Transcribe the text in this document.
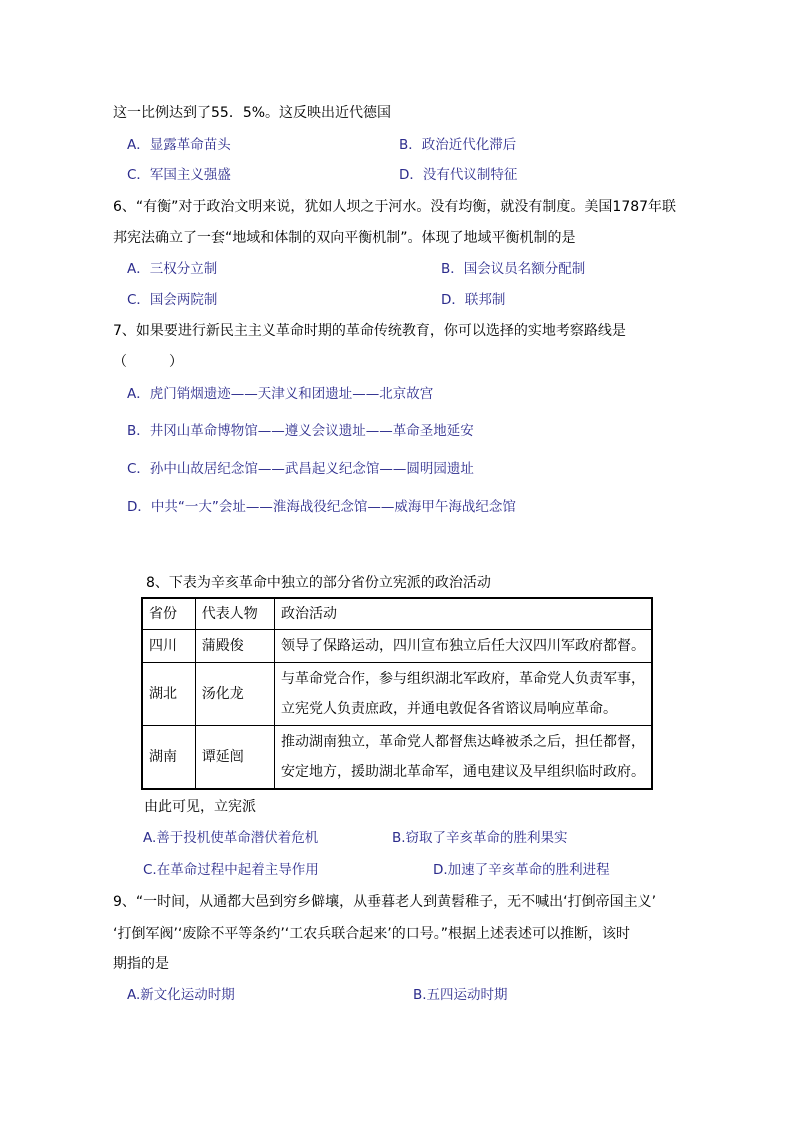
这一比例达到了55．5%。这反映出近代德国
A．显露革命苗头	B．政治近代化滞后
C．军国主义强盛	D．没有代议制特征
6、“有衡”对于政治文明来说，犹如人坝之于河水。没有均衡，就没有制度。美国1787年联
邦宪法确立了一套“地域和体制的双向平衡机制”。体现了地域平衡机制的是
A．三权分立制	B．国会议员名额分配制
C．国会两院制	D．联邦制
7、如果要进行新民主主义革命时期的革命传统教育，你可以选择的实地考察路线是
（　　　）
A．虎门销烟遗迹——天津义和团遗址——北京故宫
B．井冈山革命博物馆——遵义会议遗址——革命圣地延安
C．孙中山故居纪念馆——武昌起义纪念馆——圆明园遗址
D．中共“一大”会址——淮海战役纪念馆——威海甲午海战纪念馆
8、下表为辛亥革命中独立的部分省份立宪派的政治活动
省份	代表人物	政治活动
四川	蒲殿俊	领导了保路运动，四川宣布独立后任大汉四川军政府都督。
湖北	汤化龙	与革命党合作，参与组织湖北军政府，革命党人负责军事，
立宪党人负责庶政，并通电敦促各省谘议局响应革命。

湖南	谭延闿	推动湖南独立，革命党人都督焦达峰被杀之后，担任都督，
安定地方，援助湖北革命军，通电建议及早组织临时政府。
由此可见，立宪派
A.善于投机使革命潜伏着危机	B.窃取了辛亥革命的胜利果实
C.在革命过程中起着主导作用	D.加速了辛亥革命的胜利进程
9、“一时间，从通都大邑到穷乡僻壤，从垂暮老人到黄髫稚子，无不喊出‘打倒帝国主义’
‘打倒军阀’‘废除不平等条约’‘工农兵联合起来’的口号。”根据上述表述可以推断，该时
期指的是
A.新文化运动时期	B.五四运动时期
